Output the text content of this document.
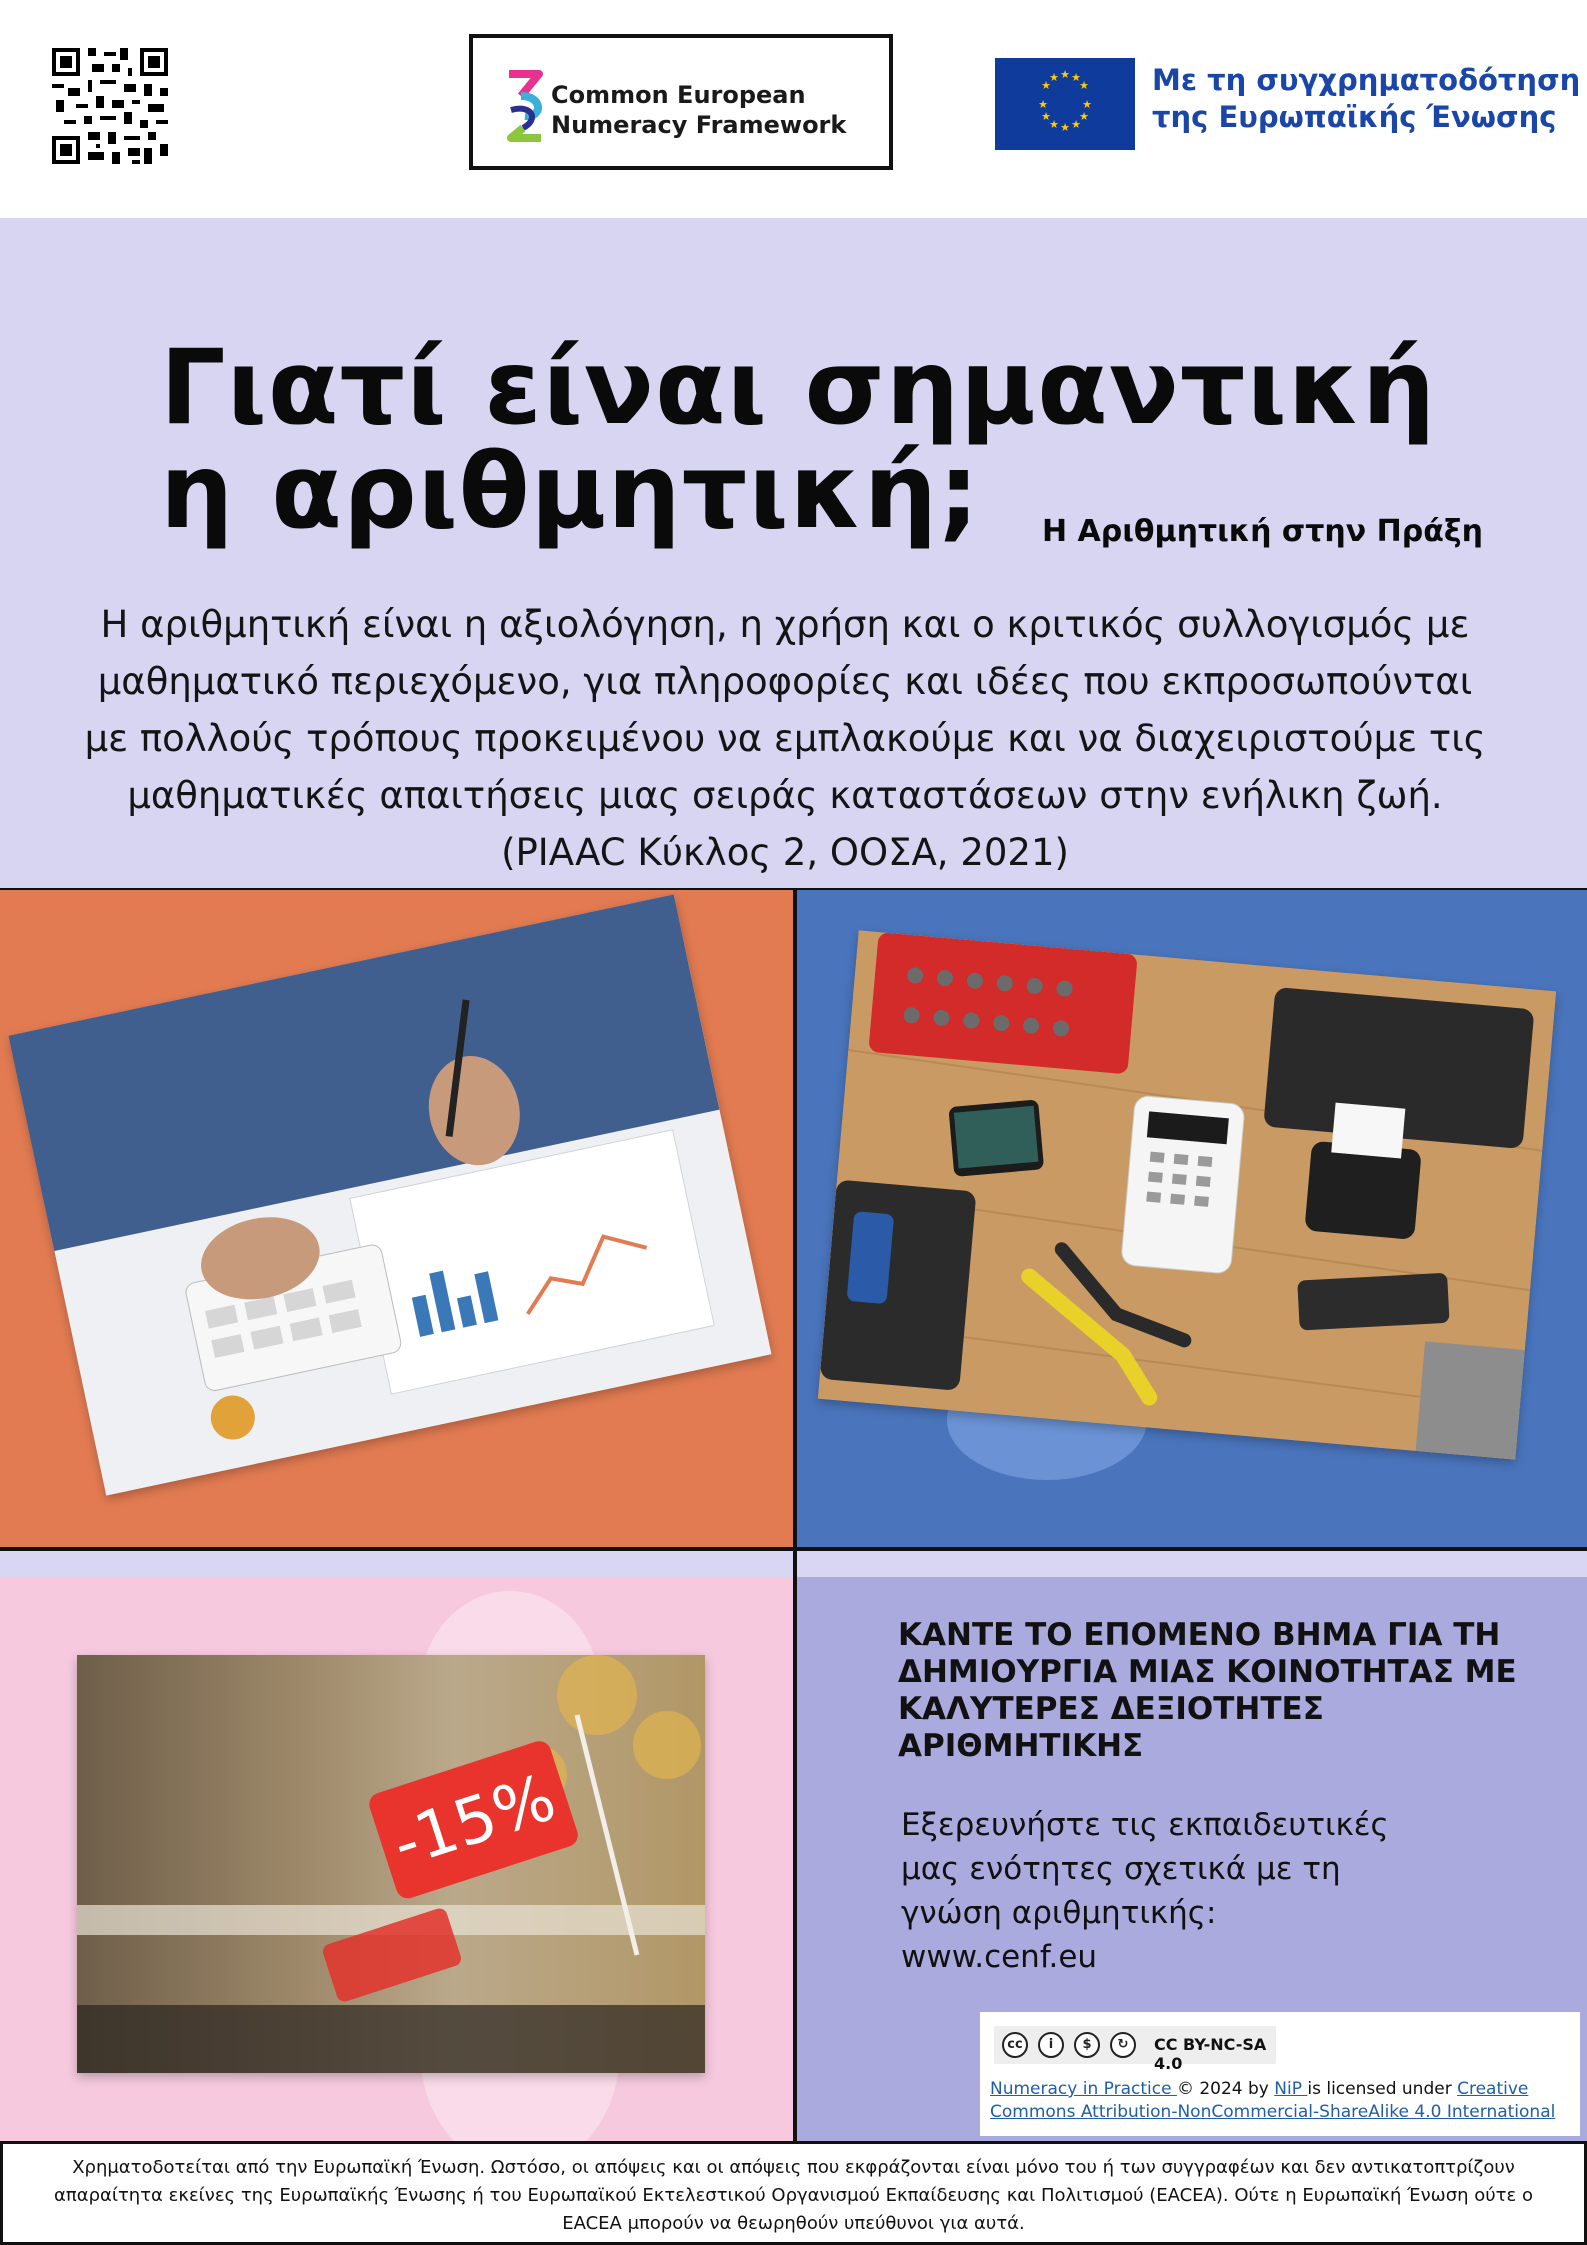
Common European
Numeracy Framework
★ ★
★
★
★
★
★
★
★
★
★
★	Με τη συγχρηματοδότηση
της Ευρωπαϊκής Ένωσης
Γιατί είναι σημαντική
η αριθμητική;	Η Αριθμητική στην Πράξη
Η αριθμητική είναι η αξιολόγηση, η χρήση και ο κριτικός συλλογισμός με μαθηματικό περιεχόμενο, για πληροφορίες και ιδέες που εκπροσωπούνται με πολλούς τρόπους προκειμένου να εμπλακούμε και να διαχειριστούμε τις μαθηματικές απαιτήσεις μιας σειράς καταστάσεων στην ενήλικη ζωή. (PIAAC Κύκλος 2, ΟΟΣΑ, 2021)
-15%
ΚΑΝΤΕ ΤΟ ΕΠΟΜΕΝΟ ΒΗΜΑ ΓΙΑ ΤΗ ΔΗΜΙΟΥΡΓΙΑ ΜΙΑΣ ΚΟΙΝΟΤΗΤΑΣ ΜΕ ΚΑΛΥΤΕΡΕΣ ΔΕΞΙΟΤΗΤΕΣ ΑΡΙΘΜΗΤΙΚΗΣ
Εξερευνήστε τις εκπαιδευτικές μας ενότητες σχετικά με τη γνώση αριθμητικής: www.cenf.eu
cc	i	$	↻	CC BY-NC-SA 4.0
Numeracy in Practice © 2024 by NiP is licensed under Creative Commons Attribution-NonCommercial-ShareAlike 4.0 International
Χρηματοδοτείται από την Ευρωπαϊκή Ένωση. Ωστόσο, οι απόψεις και οι απόψεις που εκφράζονται είναι μόνο του ή των συγγραφέων και δεν αντικατοπτρίζουν
απαραίτητα εκείνες της Ευρωπαϊκής Ένωσης ή του Ευρωπαϊκού Εκτελεστικού Οργανισμού Εκπαίδευσης και Πολιτισμού (EACEA). Ούτε η Ευρωπαϊκή Ένωση ούτε ο
EACEA μπορούν να θεωρηθούν υπεύθυνοι για αυτά.
